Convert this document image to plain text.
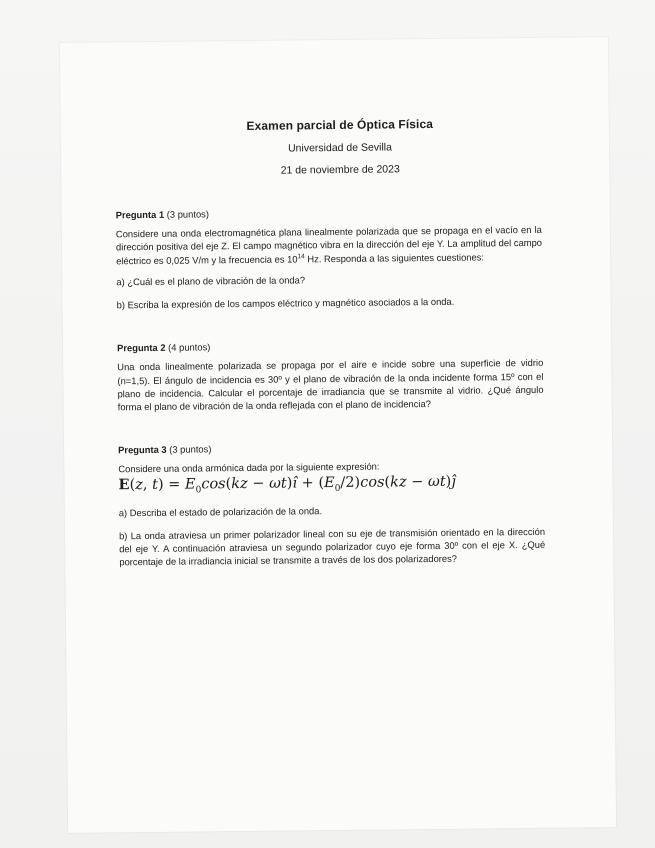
Examen parcial de Óptica Física

Universidad de Sevilla

21 de noviembre de 2023

Pregunta 1 (3 puntos)

Considere una onda electromagnética plana linealmente polarizada que se propaga en el vacío en la dirección positiva del eje Z. El campo magnético vibra en la dirección del eje Y. La amplitud del campo eléctrico es 0,025 V/m y la frecuencia es $10^{14}$ Hz. Responda a las siguientes cuestiones:

a) ¿Cuál es el plano de vibración de la onda?

b) Escriba la expresión de los campos eléctrico y magnético asociados a la onda.

Pregunta 2 (4 puntos)

Una onda linealmente polarizada se propaga por el aire e incide sobre una superficie de vidrio (n=1,5). El ángulo de incidencia es 30º y el plano de vibración de la onda incidente forma 15º con el plano de incidencia. Calcular el porcentaje de irradiancia que se transmite al vidrio. ¿Qué ángulo forma el plano de vibración de la onda reflejada con el plano de incidencia?

Pregunta 3 (3 puntos)

Considere una onda armónica dada por la siguiente expresión:

E(z, $t) = E_0\cos(kz$ − ωt)î + $(E_0/2)\cos(kz$ − ωt)ĵ

a) Describa el estado de polarización de la onda.

b) La onda atraviesa un primer polarizador lineal con su eje de transmisión orientado en la dirección del eje Y. A continuación atraviesa un segundo polarizador cuyo eje forma 30º con el eje X. ¿Qué porcentaje de la irradiancia inicial se transmite a través de los dos polarizadores?
